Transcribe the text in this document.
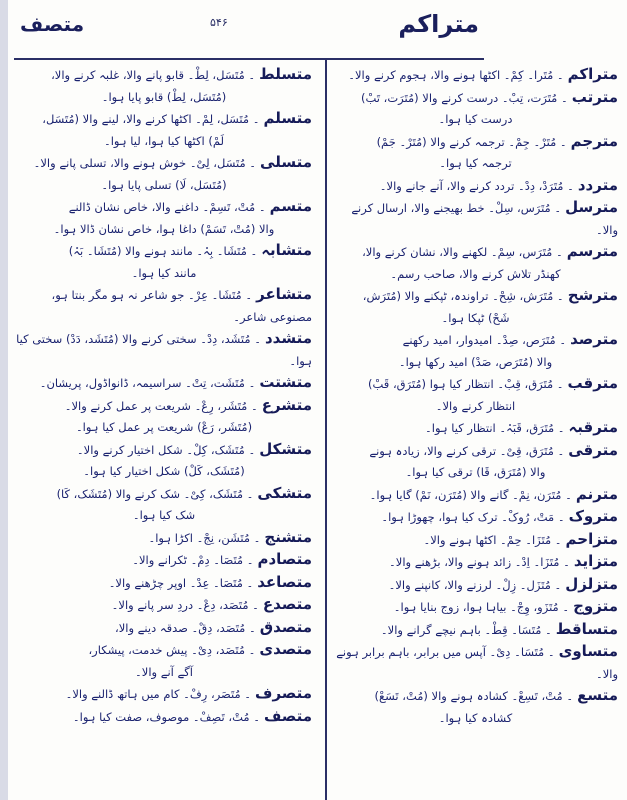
متراکم
۵۴۶
متصف
متراکم۔ مُتَرا۔ کِمْ۔ اکٹھا ہونے والا، ہجوم کرنے والا۔
مترتب۔ مُتَرَت، تِبْ۔ درست کرنے والا (مُتَرَت، تَبْ)
درست کیا ہوا۔
مترجم۔ مُتَرْ۔ جِمْ۔ ترجمہ کرنے والا (مُتَرْ۔ جَمْ)
ترجمہ کیا ہوا۔
متردد۔ مُتَرَدْ، دِدْ۔ تردد کرنے والا، آنے جانے والا۔
مترسل۔ مُتَرَس، سِلْ۔ خط بھیجنے والا، ارسال کرنے والا۔
مترسم۔ مُتَرَس، سِمْ۔ لکھنے والا، نشان کرنے والا،
کھنڈر تلاش کرنے والا، صاحب رسم۔
مترشح۔ مُتَرَش، شِحْ۔ تراوندہ، ٹپکنے والا (مُتَرَش،
شَحْ) ٹپکا ہوا۔
مترصد۔ مُتَرَص، صِدْ۔ امیدوار، امید رکھنے
والا (مُتَرَص، صَدْ) امید رکھا ہوا۔
مترقب۔ مُتَرَق، قِبْ۔ انتظار کیا ہوا (مُتَرَق، قَبْ)
انتظار کرنے والا۔
مترقبہ۔ مُتَرَق، قَبَہْ۔ انتظار کیا ہوا۔
مترقی۔ مُتَرَق، قِیْ۔ ترقی کرنے والا، زیادہ ہونے
والا (مُتَرَق، قَا) ترقی کیا ہوا۔
مترنم۔ مُتَرَن، نِمْ۔ گانے والا (مُتَرَن، نَمْ) گایا ہوا۔
متروک۔ مَتْ، رُوکْ۔ ترک کیا ہوا، چھوڑا ہوا۔
متزاحم۔ مُتَزَا۔ حِمْ۔ اکٹھا ہونے والا۔
متزاید۔ مُتَزَا۔ اِدْ۔ زائد ہونے والا، بڑھنے والا۔
متزلزل۔ مُتَزَل۔ زِلْ۔ لرزنے والا، کانپنے والا۔
متزوج۔ مُتَزَو، وِجْ۔ بیاہا ہوا، زوج بنایا ہوا۔
متساقط۔ مُتَسَا۔ قِطْ۔ باہم نیچے گرانے والا۔
متساوی۔ مُتَسَا۔ دِیْ۔ آپس میں برابر، باہم برابر ہونے والا۔
متسع۔ مُتْ، تَسِعْ۔ کشادہ ہونے والا (مُتْ، تَسَعْ)
کشادہ کیا ہوا۔
متسلط۔ مُتَسَل، لِطْ۔ قابو پانے والا، غلبہ کرنے والا،
(مُتَسَل، لِطْ) قابو پایا ہوا۔
متسلم۔ مُتَسَل، لِمْ۔ اکٹھا کرنے والا، لینے والا (مُتَسَل،
لَمْ) اکٹھا کیا ہوا، لیا ہوا۔
متسلی۔ مُتَسَل، لِیْ۔ خوش ہونے والا، تسلی پانے والا۔
(مُتَسَل، لَا) تسلی پایا ہوا۔
متسم۔ مُتْ، تَسِمْ۔ داغنے والا، خاص نشان ڈالنے
والا (مُتْ، تَسَمْ) داغا ہوا، خاص نشان ڈالا ہوا۔
متشابہ۔ مُتَشَا۔ بِہْ۔ مانند ہونے والا (مُتَشَا۔ بَہْ)
مانند کیا ہوا۔
متشاعر۔ مُتَشَا۔ عِرْ۔ جو شاعر نہ ہو مگر بنتا ہو، مصنوعی شاعر۔
متشدد۔ مُتَشَد، دِدْ۔ سختی کرنے والا (مُتَشَد، دَدْ) سختی کیا ہوا۔
متشتت۔ مُتَشَت، تِتْ۔ سراسیمہ، ڈانواڈول، پریشان۔
متشرع۔ مُتَشَر، رِعْ۔ شریعت پر عمل کرنے والا۔
(مُتَشَر، رَعْ) شریعت پر عمل کیا ہوا۔
متشکل۔ مُتَشَک، کِلْ۔ شکل اختیار کرنے والا۔
(مُتَشَک، کَلْ) شکل اختیار کیا ہوا۔
متشکی۔ مُتَشَک، کِیْ۔ شک کرنے والا (مُتَشَک، کَا)
شک کیا ہوا۔
متشنج۔ مُتَشَن، نِجْ۔ اکڑا ہوا۔
متصادم۔ مُتَصَا۔ دِمْ۔ ٹکرانے والا۔
متصاعد۔ مُتَصَا۔ عِدْ۔ اوپر چڑھنے والا۔
متصدع۔ مُتَصَد، دِعْ۔ دردِ سر پانے والا۔
متصدق۔ مُتَصَد، دِقْ۔ صدقہ دینے والا،
متصدی۔ مُتَصَد، دِیْ۔ پیش خدمت، پیشکار،
آگے آنے والا۔
متصرف۔ مُتَصَر، رِفْ۔ کام میں ہاتھ ڈالنے والا۔
متصف۔ مُتْ، تَصِفْ۔ موصوف، صفت کیا ہوا۔
